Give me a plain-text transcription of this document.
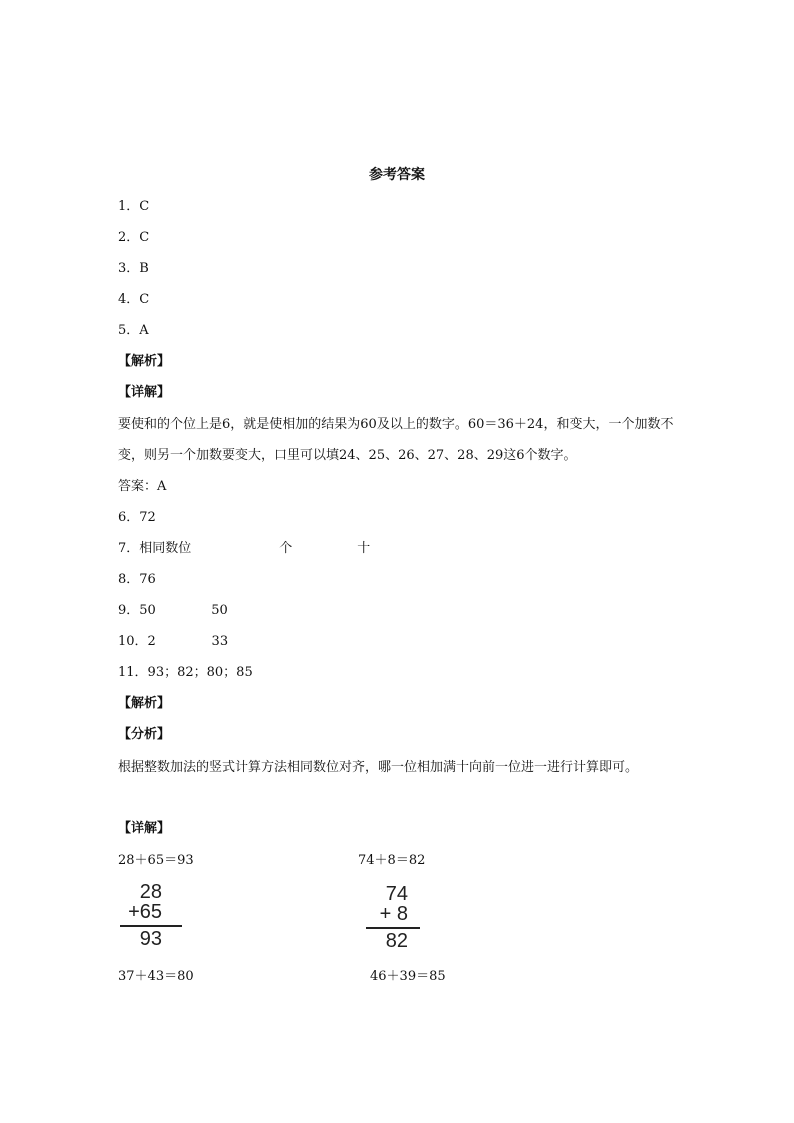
参考答案
1．C
2．C
3．B
4．C
5．A
【解析】
【详解】
要使和的个位上是6，就是使相加的结果为60及以上的数字。60＝36＋24，和变大，一个加数不变，则另一个加数要变大，口里可以填24、25、26、27、28、29这6个数字。
答案：A
6．72
7．相同数位	个	十
8．76
9．50	50
10．2	33
11．93；82；80；85
【解析】
【分析】
根据整数加法的竖式计算方法相同数位对齐，哪一位相加满十向前一位进一进行计算即可。
【详解】
28＋65＝93	74＋8＝82
28
+65
93
74
+ 8
82
37＋43＝80	46＋39＝85
